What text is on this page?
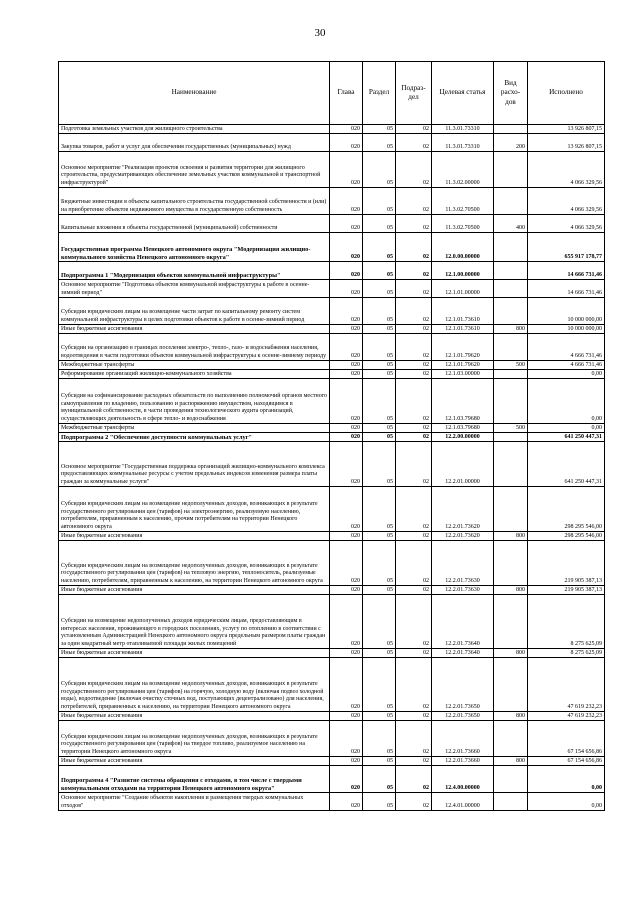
30
Наименование	Глава	Раздел	Подраз-дел	Целевая статья	Вид расхо-дов	Исполнено
Подготовка земельных участков для жилищного строительства	020	05	02	11.3.01.73310		13 926 807,15
Закупка товаров, работ и услуг для обеспечения государственных (муниципальных) нужд	020	05	02	11.3.01.73310	200	13 926 807,15
Основное мероприятие "Реализация проектов освоения и развития территории для жилищного строительства, предусматривающих обеспечение земельных участков коммунальной и транспортной инфраструктурой"	020	05	02	11.3.02.00000		4 066 329,56
Бюджетные инвестиции в объекты капитального строительства государственной собственности и (или) на приобретение объектов недвижимого имущества в государственную собственность	020	05	02	11.3.02.70500		4 066 329,56
Капитальные вложения в объекты государственной (муниципальной) собственности	020	05	02	11.3.02.70500	400	4 066 329,56
Государственная программа Ненецкого автономного округа "Модернизация жилищно-коммунального хозяйства Ненецкого автономного округа"	020	05	02	12.0.00.00000		655 917 178,77
Подпрограмма 1 "Модернизация объектов коммунальной инфраструктуры"	020	05	02	12.1.00.00000		14 666 731,46
Основное мероприятие "Подготовка объектов коммунальной инфраструктуры к работе в осенне-зимний период"	020	05	02	12.1.01.00000		14 666 731,46
Субсидии юридическим лицам на возмещение части затрат по капитальному ремонту систем коммунальной инфраструктуры в целях подготовки объектов к работе в осенне-зимний период	020	05	02	12.1.01.73610		10 000 000,00
Иные бюджетные ассигнования	020	05	02	12.1.01.73610	800	10 000 000,00
Субсидии на организацию в границах поселения электро-, тепло-, газо- и водоснабжения населения, водоотведения в части подготовки объектов коммунальной инфраструктуры к осенне-зимнему периоду	020	05	02	12.1.01.79620		4 666 731,46
Межбюджетные трансферты	020	05	02	12.1.01.79620	500	4 666 731,46
Реформирование организаций жилищно-коммунального хозяйства	020	05	02	12.1.03.00000		0,00
Субсидия на софинансирование расходных обязательств по выполнению полномочий органов местного самоуправления по владению, пользованию и распоряжению имуществом, находящимся в муниципальной собственности, в части проведения технологического аудита организаций, осуществляющих деятельность в сфере тепло- и водоснабжения	020	05	02	12.1.03.79680		0,00
Межбюджетные трансферты	020	05	02	12.1.03.79680	500	0,00
Подпрограмма 2 "Обеспечение доступности коммунальных услуг"	020	05	02	12.2.00.00000		641 250 447,31
Основное мероприятие "Государственная поддержка организаций жилищно-коммунального комплекса предоставляющих коммунальные ресурсы с учетом предельных индексов изменения размера платы граждан за коммунальные услуги"	020	05	02	12.2.01.00000		641 250 447,31
Субсидии юридическим лицам на возмещение недополученных доходов, возникающих в результате государственного регулирования цен (тарифов) на электроэнергию, реализуемую населению, потребителям, приравненным к населению, прочим потребителям на территории Ненецкого автономного округа	020	05	02	12.2.01.73620		298 295 546,00
Иные бюджетные ассигнования	020	05	02	12.2.01.73620	800	298 295 546,00
Субсидии юридическим лицам на возмещение недополученных доходов, возникающих в результате государственного регулирования цен (тарифов) на тепловую энергию, теплоноситель, реализуемые населению, потребителям, приравненным к населению, на территории Ненецкого автономного округа	020	05	02	12.2.01.73630		219 905 387,13
Иные бюджетные ассигнования	020	05	02	12.2.01.73630	800	219 905 387,13
Субсидии на возмещение недополученных доходов юридическим лицам, предоставляющим в интересах населения, проживающего в городских поселениях, услугу по отоплению в соответствии с установленным Администрацией Ненецкого автономного округа предельным размером платы граждан за один квадратный метр отапливаемой площади жилых помещений	020	05	02	12.2.01.73640		8 275 625,09
Иные бюджетные ассигнования	020	05	02	12.2.01.73640	800	8 275 625,09
Субсидии юридическим лицам на возмещение недополученных доходов, возникающих в результате государственного регулирования цен (тарифов) на горячую, холодную воду (включая подвоз холодной воды), водоотведение (включая очистку сточных вод, поступающих децентрализовано) для населения, потребителей, приравненных к населению, на территории Ненецкого автономного округа	020	05	02	12.2.01.73650		47 619 232,23
Иные бюджетные ассигнования	020	05	02	12.2.01.73650	800	47 619 232,23
Субсидии юридическим лицам на возмещение недополученных доходов, возникающих в результате государственного регулирования цен (тарифов) на твердое топливо, реализуемое населению на территории Ненецкого автономного округа	020	05	02	12.2.01.73660		67 154 656,86
Иные бюджетные ассигнования	020	05	02	12.2.01.73660	800	67 154 656,86
Подпрограмма 4 "Развитие системы обращения с отходами, в том числе с твердыми коммунальными отходами на территории Ненецкого автономного округа"	020	05	02	12.4.00.00000		0,00
Основное мероприятие "Создание объектов накопления и размещения твердых коммунальных отходов"	020	05	02	12.4.01.00000		0,00
